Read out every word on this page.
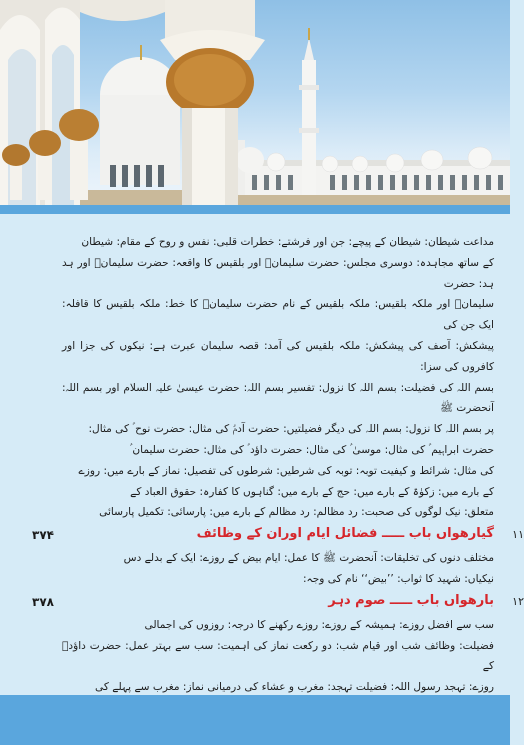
مداعت شیطان: شیطان کے پیچے: جن اور فرشتے: خطرات قلبی: نفس و روح کے مقام: شیطان

کے ساتھ مجاہدہ: دوسری مجلس: حضرت سلیمانؑ اور بلقیس کا واقعہ: حضرت سلیمانؑ اور ہد ہد: حضرت

سلیمانؑ اور ملکہ بلقیس: ملکہ بلقیس کے نام حضرت سلیمانؑ کا خط: ملکہ بلقیس کا قافلہ: ایک جن کی

پیشکش: آصف کی پیشکش: ملکہ بلقیس کی آمد: قصہ سلیمان عبرت ہے: نیکوں کی جزا اور کافروں کی سزا:

بسم اللہ کی فضیلت: بسم اللہ کا نزول: تفسیر بسم اللہ: حضرت عیسیٰ علیہ السلام اور بسم اللہ: آنحضرت ﷺ

پر بسم اللہ کا نزول: بسم اللہ کی دیگر فضیلتیں: حضرت آدمؑ کی مثال: حضرت نوح ؑ کی مثال:

حضرت ابراہیم ؑ کی مثال: موسیٰ ؑ کی مثال: حضرت داؤد ؑ کی مثال: حضرت سلیمان ؑ

کی مثال: شرائط و کیفیت توبہ: توبہ کی شرطیں: شرطوں کی تفصیل: نماز کے بارے میں: روزے

کے بارے میں: زکوٰۃ کے بارے میں: حج کے بارے میں: گناہوں کا کفارہ: حقوق العباد کے

متعلق: نیک لوگوں کی صحبت: رد مظالم: رد مظالم کے بارے میں: پارسائی: تکمیل پارسائی

۱۱
گیارھواں باب ـــــ فضائل ایام اوران کے وظائف
۳۷۴

مختلف دنوں کی تخلیقات: آنحضرت ﷺ کا عمل: ایام بیض کے روزے: ایک کے بدلے دس

نیکیاں: شہید کا ثواب: ’’بیض‘‘ نام کی وجہ:

۱۲
بارھواں باب ـــــ صوم دہر
۳۷۸

سب سے افضل روزے: ہمیشہ کے روزے: روزے رکھنے کا درجہ: روزوں کی اجمالی

فضیلت: وظائف شب اور قیام شب: دو رکعت نماز کی اہمیت: سب سے بہتر عمل: حضرت داؤدؑ کے

روزے: تہجد رسول اللہ: فضیلت تہجد: مغرب و عشاء کی درمیانی نماز: مغرب سے پہلے کی
